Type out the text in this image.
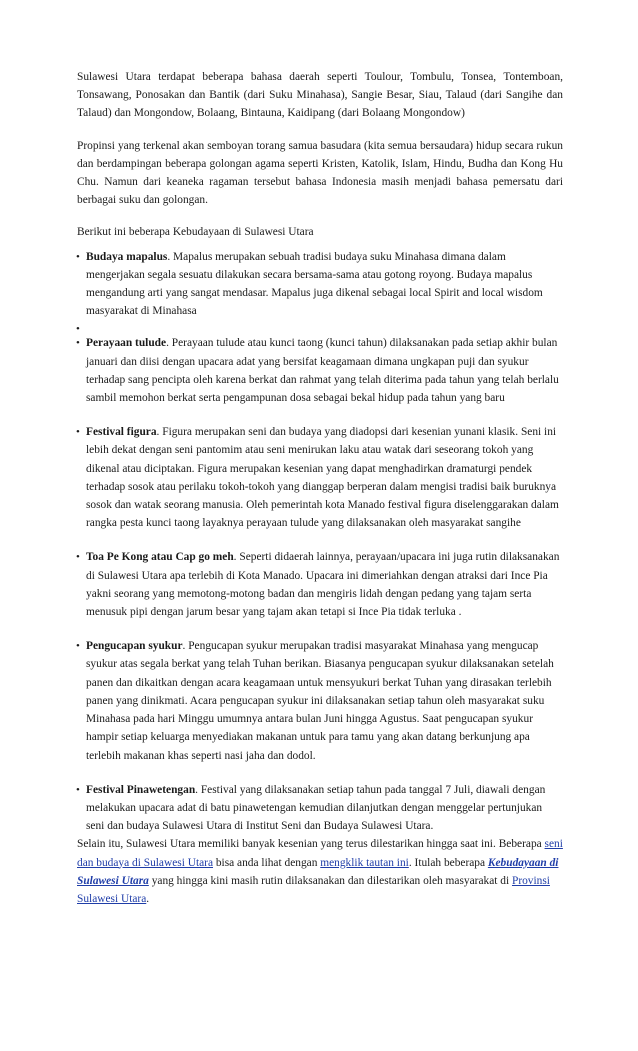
Sulawesi Utara terdapat beberapa bahasa daerah seperti Toulour, Tombulu, Tonsea, Tontemboan, Tonsawang, Ponosakan dan Bantik (dari Suku Minahasa), Sangie Besar, Siau, Talaud (dari Sangihe dan Talaud) dan Mongondow, Bolaang, Bintauna, Kaidipang (dari Bolaang Mongondow)

Propinsi yang terkenal akan semboyan torang samua basudara (kita semua bersaudara) hidup secara rukun dan berdampingan beberapa golongan agama seperti Kristen, Katolik, Islam, Hindu, Budha dan Kong Hu Chu. Namun dari keaneka ragaman tersebut bahasa Indonesia masih menjadi bahasa pemersatu dari berbagai suku dan golongan.

Berikut ini beberapa Kebudayaan di Sulawesi Utara

• Budaya mapalus. Mapalus merupakan sebuah tradisi budaya suku Minahasa dimana dalam mengerjakan segala sesuatu dilakukan secara bersama-sama atau gotong royong. Budaya mapalus mengandung arti yang sangat mendasar. Mapalus juga dikenal sebagai local Spirit and local wisdom masyarakat di Minahasa
•
• Perayaan tulude. Perayaan tulude atau kunci taong (kunci tahun) dilaksanakan pada setiap akhir bulan januari dan diisi dengan upacara adat yang bersifat keagamaan dimana ungkapan puji dan syukur terhadap sang pencipta oleh karena berkat dan rahmat yang telah diterima pada tahun yang telah berlalu sambil memohon berkat serta pengampunan dosa sebagai bekal hidup pada tahun yang baru
• Festival figura. Figura merupakan seni dan budaya yang diadopsi dari kesenian yunani klasik. Seni ini lebih dekat dengan seni pantomim atau seni menirukan laku atau watak dari seseorang tokoh yang dikenal atau diciptakan. Figura merupakan kesenian yang dapat menghadirkan dramaturgi pendek terhadap sosok atau perilaku tokoh-tokoh yang dianggap berperan dalam mengisi tradisi baik buruknya sosok dan watak seorang manusia. Oleh pemerintah kota Manado festival figura diselenggarakan dalam rangka pesta kunci taong layaknya perayaan tulude yang dilaksanakan oleh masyarakat sangihe
• Toa Pe Kong atau Cap go meh. Seperti didaerah lainnya, perayaan/upacara ini juga rutin dilaksanakan di Sulawesi Utara apa terlebih di Kota Manado. Upacara ini dimeriahkan dengan atraksi dari Ince Pia yakni seorang yang memotong-motong badan dan mengiris lidah dengan pedang yang tajam serta menusuk pipi dengan jarum besar yang tajam akan tetapi si Ince Pia tidak terluka .
• Pengucapan syukur. Pengucapan syukur merupakan tradisi masyarakat Minahasa yang mengucap syukur atas segala berkat yang telah Tuhan berikan. Biasanya pengucapan syukur dilaksanakan setelah panen dan dikaitkan dengan acara keagamaan untuk mensyukuri berkat Tuhan yang dirasakan terlebih panen yang dinikmati. Acara pengucapan syukur ini dilaksanakan setiap tahun oleh masyarakat suku Minahasa pada hari Minggu umumnya antara bulan Juni hingga Agustus. Saat pengucapan syukur hampir setiap keluarga menyediakan makanan untuk para tamu yang akan datang berkunjung apa terlebih makanan khas seperti nasi jaha dan dodol.
• Festival Pinawetengan. Festival yang dilaksanakan setiap tahun pada tanggal 7 Juli, diawali dengan melakukan upacara adat di batu pinawetengan kemudian dilanjutkan dengan menggelar pertunjukan seni dan budaya Sulawesi Utara di Institut Seni dan Budaya Sulawesi Utara.

Selain itu, Sulawesi Utara memiliki banyak kesenian yang terus dilestarikan hingga saat ini. Beberapa seni dan budaya di Sulawesi Utara bisa anda lihat dengan mengklik tautan ini. Itulah beberapa Kebudayaan di Sulawesi Utara yang hingga kini masih rutin dilaksanakan dan dilestarikan oleh masyarakat di Provinsi Sulawesi Utara.
